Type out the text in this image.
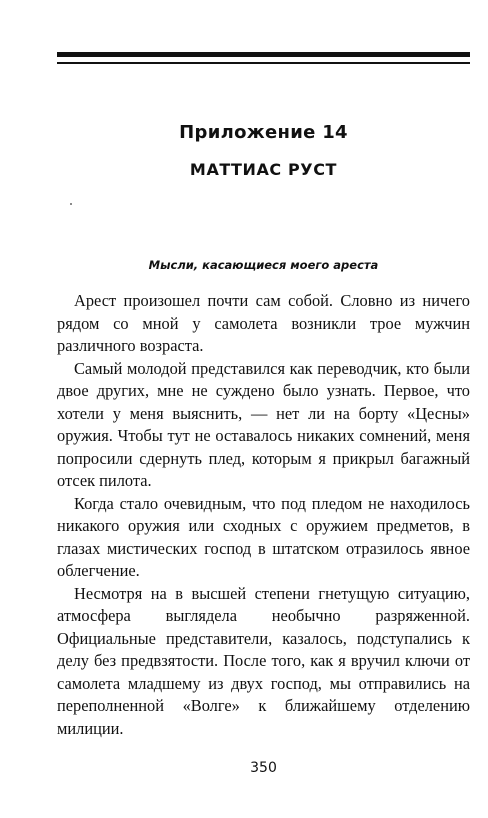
Приложение 14
МАТТИАС РУСТ
Мысли, касающиеся моего ареста

Арест произошел почти сам собой. Словно из ничего рядом со мной у самолета возникли трое мужчин различного возраста.

Самый молодой представился как переводчик, кто были двое других, мне не суждено было узнать. Первое, что хотели у меня выяснить, — нет ли на борту «Цесны» оружия. Чтобы тут не оставалось никаких сомнений, меня попросили сдернуть плед, которым я прикрыл багажный отсек пилота.

Когда стало очевидным, что под пледом не находилось никакого оружия или сходных с оружием предметов, в глазах мистических господ в штатском отразилось явное облегчение.

Несмотря на в высшей степени гнетущую ситуацию, атмосфера выглядела необычно разряженной. Официальные представители, казалось, подступались к делу без предвзятости. После того, как я вручил ключи от самолета младшему из двух господ, мы отправились на переполненной «Волге» к ближайшему отделению милиции.

350
